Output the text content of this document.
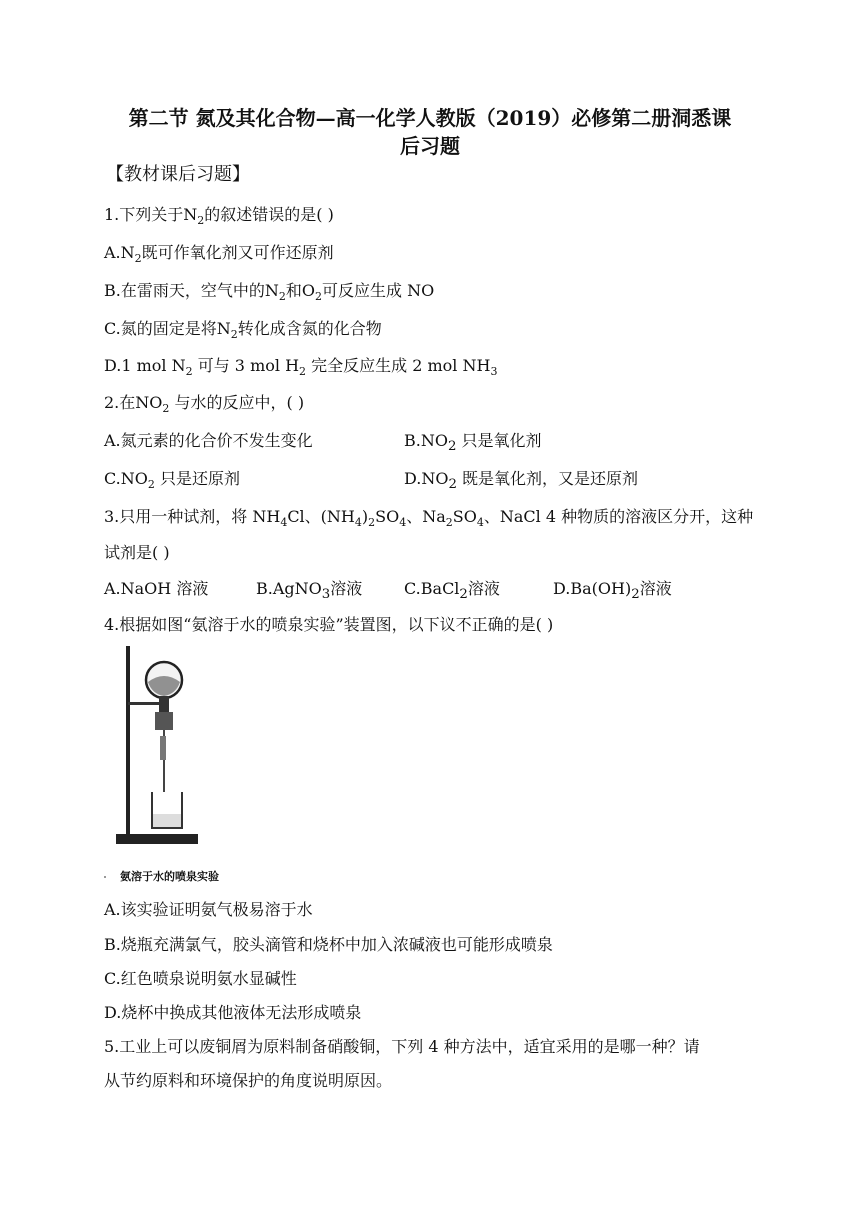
第二节 氮及其化合物—高一化学人教版（2019）必修第二册洞悉课
后习题
【教材课后习题】
1.下列关于$N_2$的叙述错误的是( )
$A.N_2$既可作氧化剂又可作还原剂
B.在雷雨天，空气中的$N_2$和$O_2$可反应生成 NO
C.氮的固定是将$N_2$转化成含氮的化合物
D.1 mol $N_2$ 可与 3 mol $H_2$ 完全反应生成 2 mol $NH_3$
2.在$NO_2$ 与水的反应中，( )
A.氮元素的化合价不发生变化	$B.NO_2$ 只是氧化剂
$C.NO_2$ 只是还原剂	$D.NO_2$ 既是氧化剂，又是还原剂
3.只用一种试剂，将 $NH_4Cl$、$(NH_4)_2SO_4$、$Na_2SO_4$、NaCl 4 种物质的溶液区分开，这种
试剂是( )
A.NaOH 溶液	B.AgNO$_3$溶液	C.BaCl$_2$溶液	$D.Ba(OH)_2$溶液
4.根据如图“氨溶于水的喷泉实验”装置图，以下议不正确的是( )
氨溶于水的喷泉实验
A.该实验证明氨气极易溶于水
B.烧瓶充满氯气，胶头滴管和烧杯中加入浓碱液也可能形成喷泉
C.红色喷泉说明氨水显碱性
D.烧杯中换成其他液体无法形成喷泉
5.工业上可以废铜屑为原料制备硝酸铜，下列 4 种方法中，适宜采用的是哪一种？请
从节约原料和环境保护的角度说明原因。
